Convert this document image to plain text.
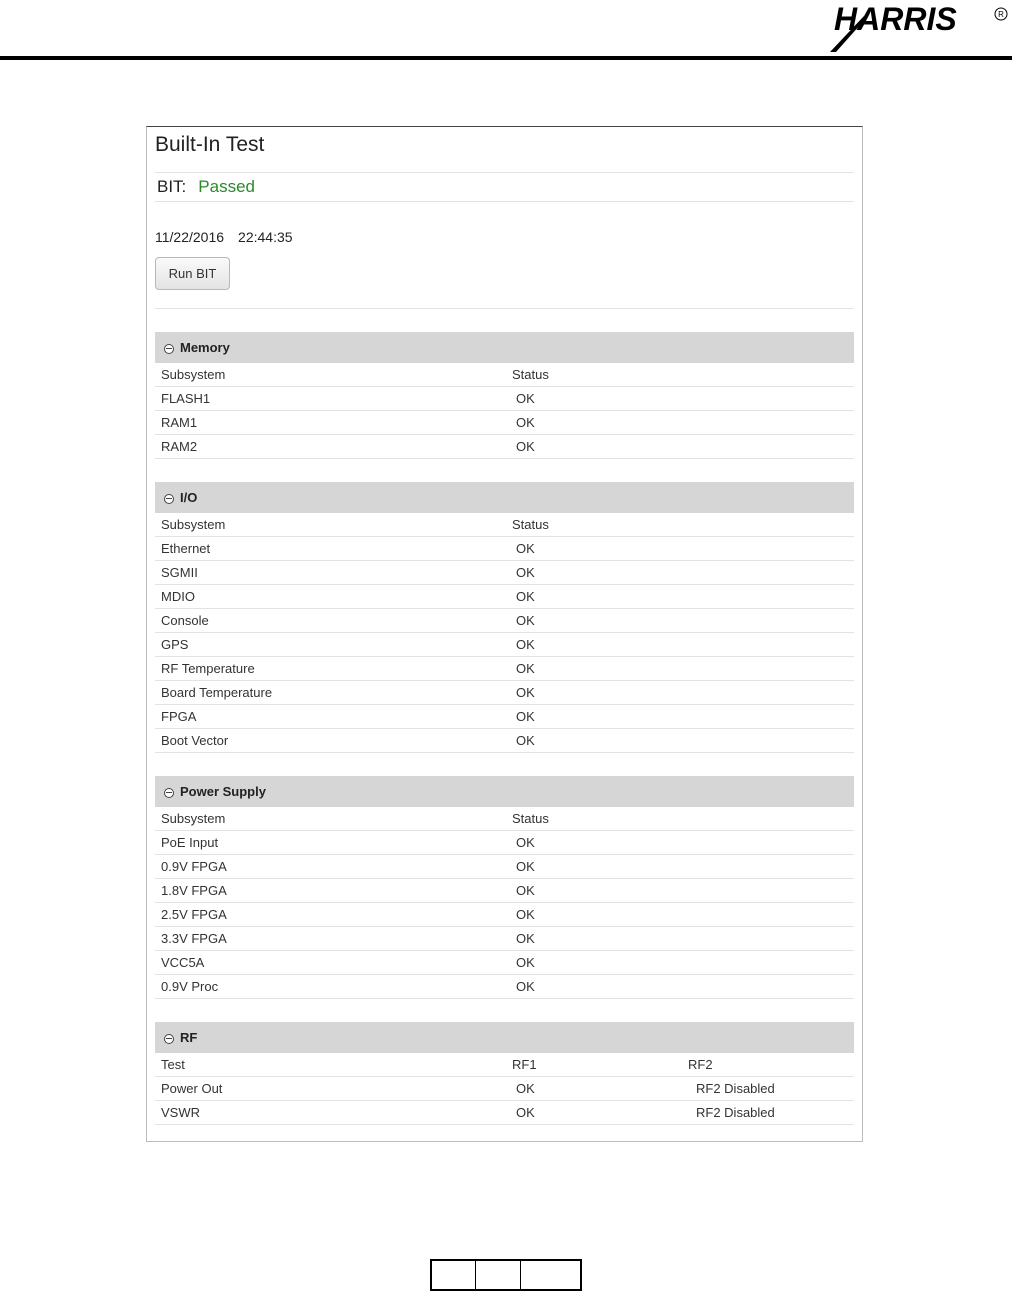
HARRIS	R
Built-In Test
BIT: Passed
11/22/2016 22:44:35
Run BIT
Memory
Subsystem	Status
FLASH1	OK
RAM1	OK
RAM2	OK
I/O
Subsystem	Status
Ethernet	OK
SGMII	OK
MDIO	OK
Console	OK
GPS	OK
RF Temperature	OK
Board Temperature	OK
FPGA	OK
Boot Vector	OK
Power Supply
Subsystem	Status
PoE Input	OK
0.9V FPGA	OK
1.8V FPGA	OK
2.5V FPGA	OK
3.3V FPGA	OK
VCC5A	OK
0.9V Proc	OK
RF
Test	RF1	RF2
Power Out	OK	RF2 Disabled
VSWR	OK	RF2 Disabled
